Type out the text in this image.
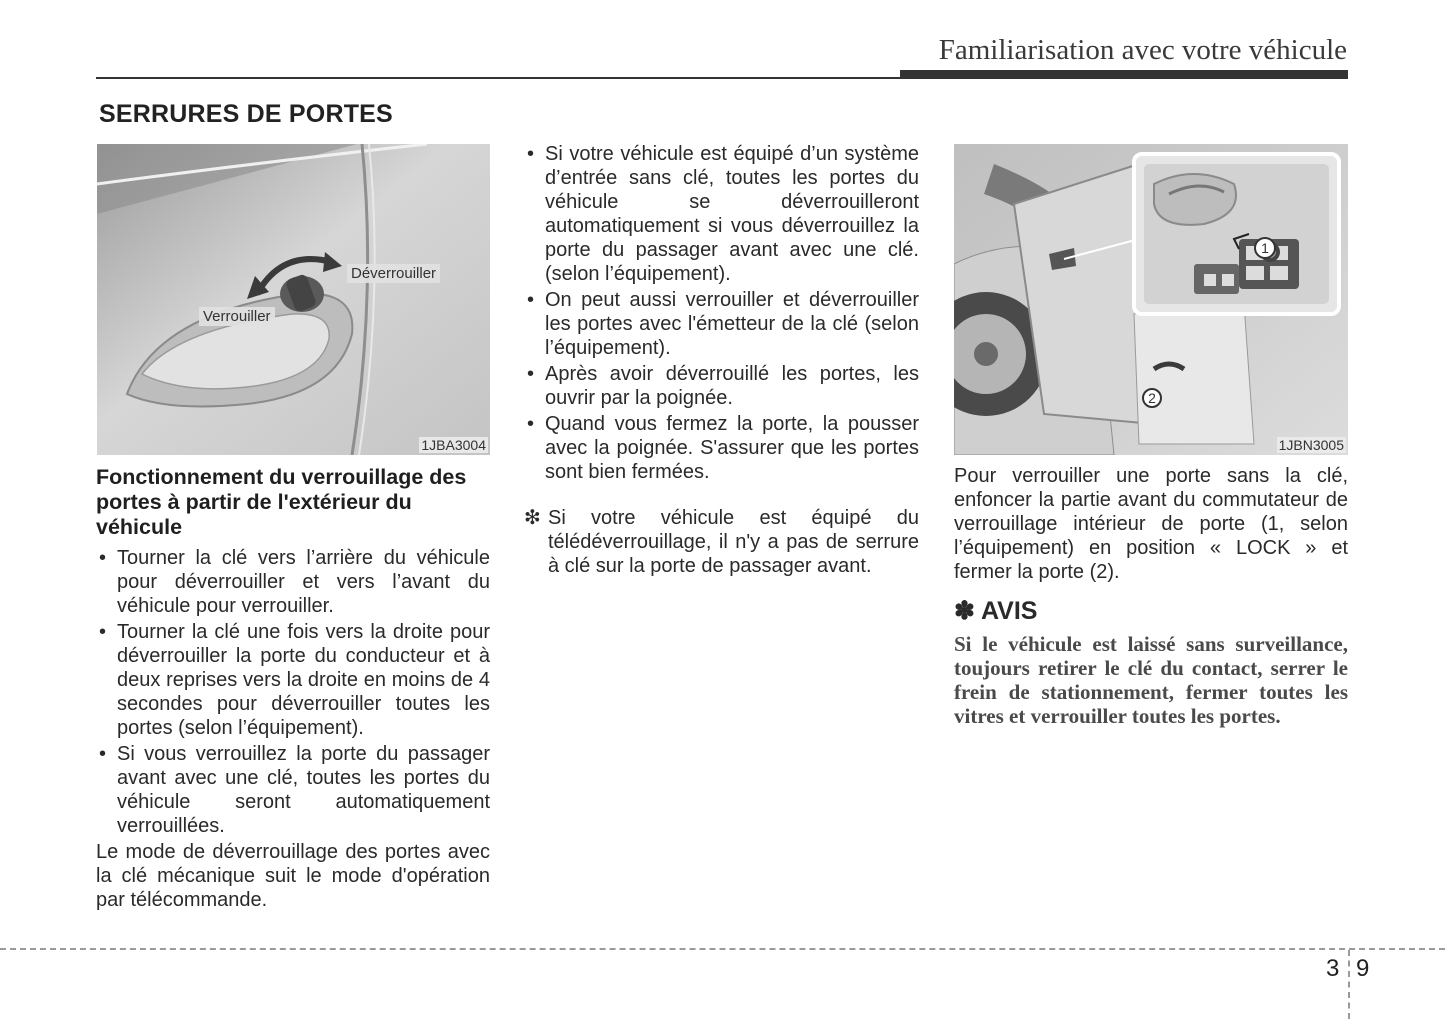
Familiarisation avec votre véhicule
SERRURES DE PORTES
Déverrouiller
Verrouiller
1JBA3004
1
2
1JBN3005
Fonctionnement du verrouillage des portes à partir de l'extérieur du véhicule
• Tourner la clé vers l’arrière du véhicule pour déverrouiller et vers l’avant du véhicule pour verrouiller.
• Tourner la clé une fois vers la droite pour déverrouiller la porte du conducteur et à deux reprises vers la droite en moins de 4 secondes pour déverrouiller toutes les portes (selon l’équipement).
• Si vous verrouillez la porte du passager avant avec une clé, toutes les portes du véhicule seront automatiquement verrouillées.

Le mode de déverrouillage des portes avec la clé mécanique suit le mode d'opération par télécommande.

• Si votre véhicule est équipé d’un système d’entrée sans clé, toutes les portes du véhicule se déverrouilleront automatiquement si vous déverrouillez la porte du passager avant avec une clé. (selon l’équipement).
• On peut aussi verrouiller et déverrouiller les portes avec l'émetteur de la clé (selon l’équipement).
• Après avoir déverrouillé les portes, les ouvrir par la poignée.
• Quand vous fermez la porte, la pousser avec la poignée. S'assurer que les portes sont bien fermées.
❇ Si votre véhicule est équipé du télédéverrouillage, il n'y a pas de serrure à clé sur la porte de passager avant.

Pour verrouiller une porte sans la clé, enfoncer la partie avant du commutateur de verrouillage intérieur de porte (1, selon l’équipement) en position « LOCK » et fermer la porte (2).

✽ AVIS
Si le véhicule est laissé sans surveillance, toujours retirer le clé du contact, serrer le frein de stationnement, fermer toutes les vitres et verrouiller toutes les portes.
3 9
